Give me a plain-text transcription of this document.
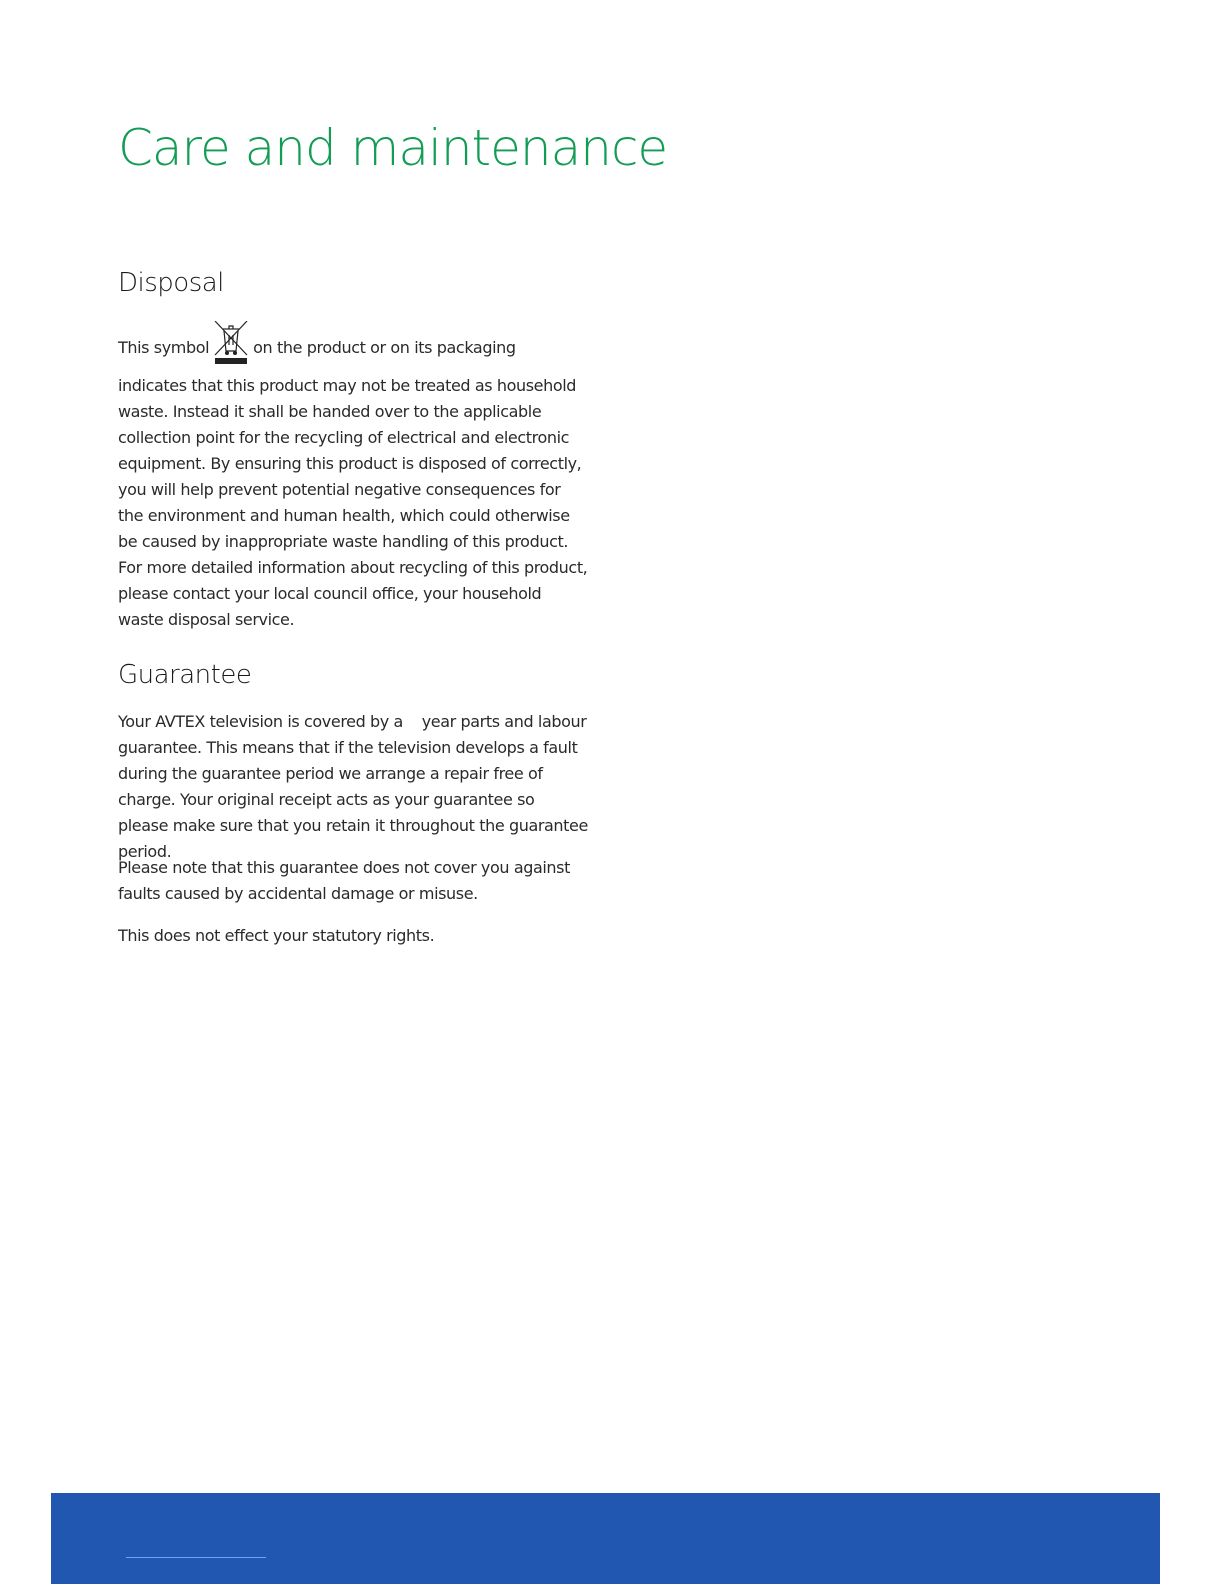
Care and maintenance
Disposal

This symbol	on the product or on its packaging indicates that this product may not be treated as household waste. Instead it shall be handed over to the applicable collection point for the recycling of electrical and electronic equipment. By ensuring this product is disposed of correctly, you will help prevent potential negative consequences for the environment and human health, which could otherwise be caused by inappropriate waste handling of this product. For more detailed information about recycling of this product, please contact your local council office, your household waste disposal service.

Guarantee

Your AVTEX television is covered by a    year parts and labour guarantee. This means that if the television develops a fault during the guarantee period we arrange a repair free of charge. Your original receipt acts as your guarantee so please make sure that you retain it throughout the guarantee period.

Please note that this guarantee does not cover you against faults caused by accidental damage or misuse.

This does not effect your statutory rights.
